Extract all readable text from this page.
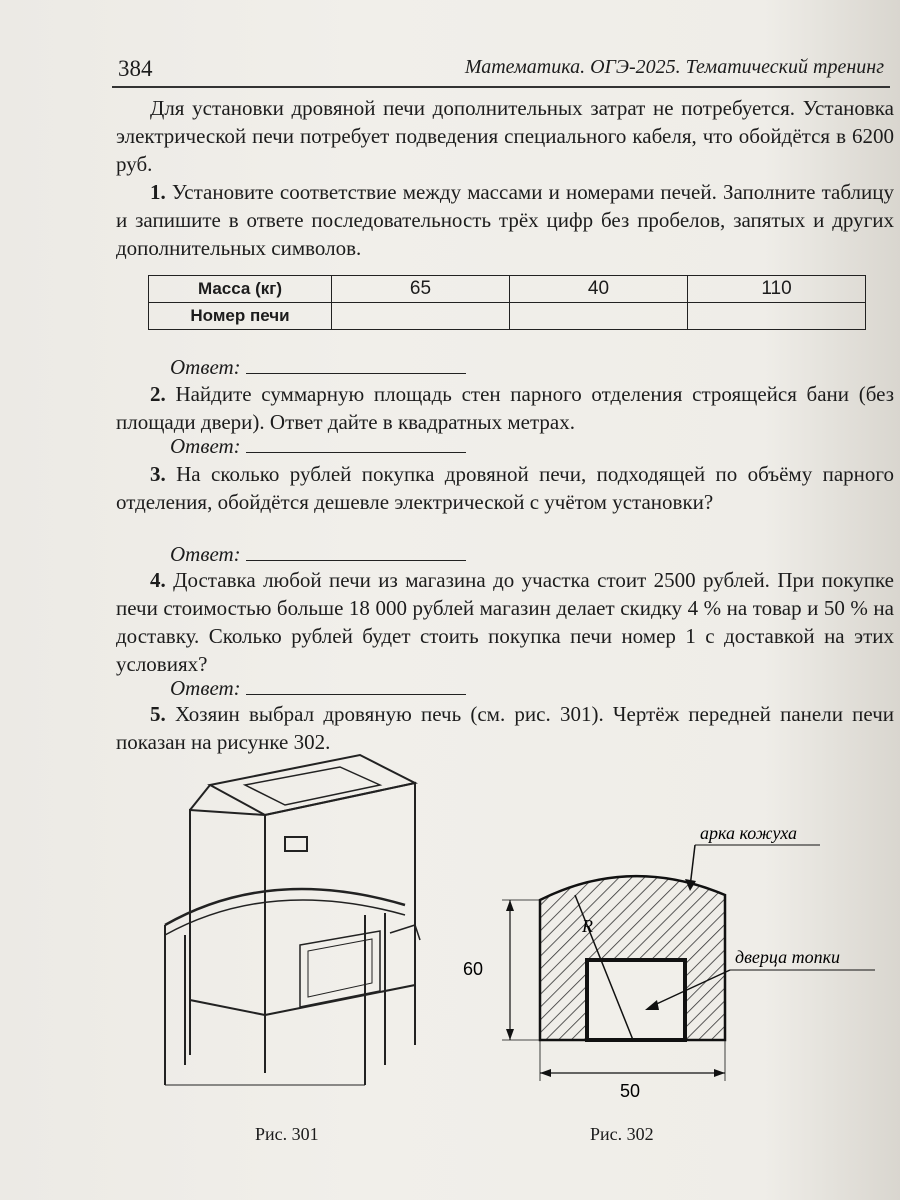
384	Математика. ОГЭ-2025. Тематический тренинг

Для установки дровяной печи дополнительных затрат не потребуется. Установка электрической печи потребует подведения специального кабеля, что обойдётся в 6200 руб.

1. Установите соответствие между массами и номерами печей. Заполните таблицу и запишите в ответе последовательность трёх цифр без пробелов, запятых и других дополнительных символов.

Масса (кг)	65	40	110
Номер печи			
Ответ:

2. Найдите суммарную площадь стен парного отделения строящейся бани (без площади двери). Ответ дайте в квадратных метрах.

Ответ:

3. На сколько рублей покупка дровяной печи, подходящей по объёму парного отделения, обойдётся дешевле электрической с учётом установки?

Ответ:

4. Доставка любой печи из магазина до участка стоит 2500 рублей. При покупке печи стоимостью больше 18 000 рублей магазин делает скидку 4 % на товар и 50 % на доставку. Сколько рублей будет стоить покупка печи номер 1 с доставкой на этих условиях?

Ответ:

5. Хозяин выбрал дровяную печь (см. рис. 301). Чертёж передней панели печи показан на рисунке 302.

Рис. 301
R
арка кожуха
дверца топки
60
50
Рис. 302
